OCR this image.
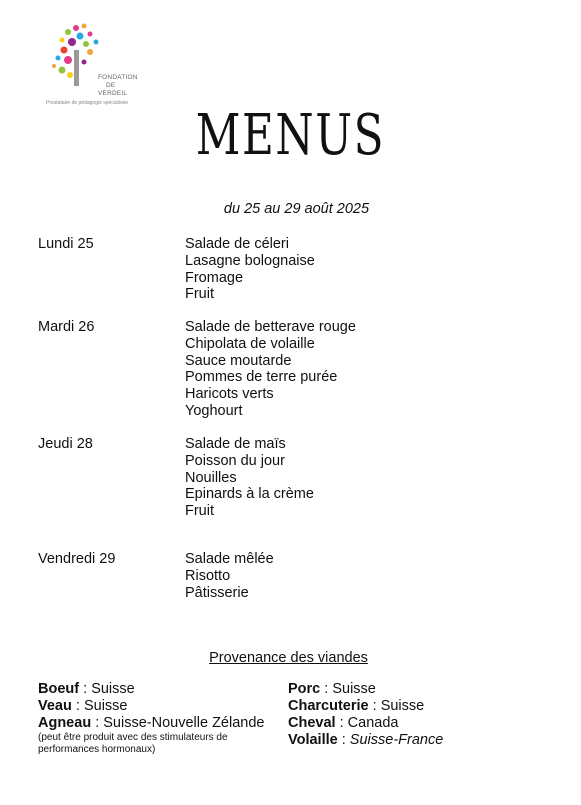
FONDATION
DE
VERDEIL
Prestataire de pédagogie spécialisée	MENUS
du 25 au 29 août 2025
Lundi 25	Salade de céleri
Lasagne bolognaise
Fromage
Fruit
Mardi 26	Salade de betterave rouge
Chipolata de volaille
Sauce moutarde
Pommes de terre purée
Haricots verts
Yoghourt
Jeudi 28	Salade de maïs
Poisson du jour
Nouilles
Epinards à la crème
Fruit
Vendredi 29	Salade mêlée
Risotto
Pâtisserie
Provenance des viandes
Boeuf : Suisse
Veau : Suisse
Agneau : Suisse-Nouvelle Zélande
(peut être produit avec des stimulateurs de performances hormonaux)
Porc : Suisse
Charcuterie : Suisse
Cheval : Canada
Volaille : Suisse-France
